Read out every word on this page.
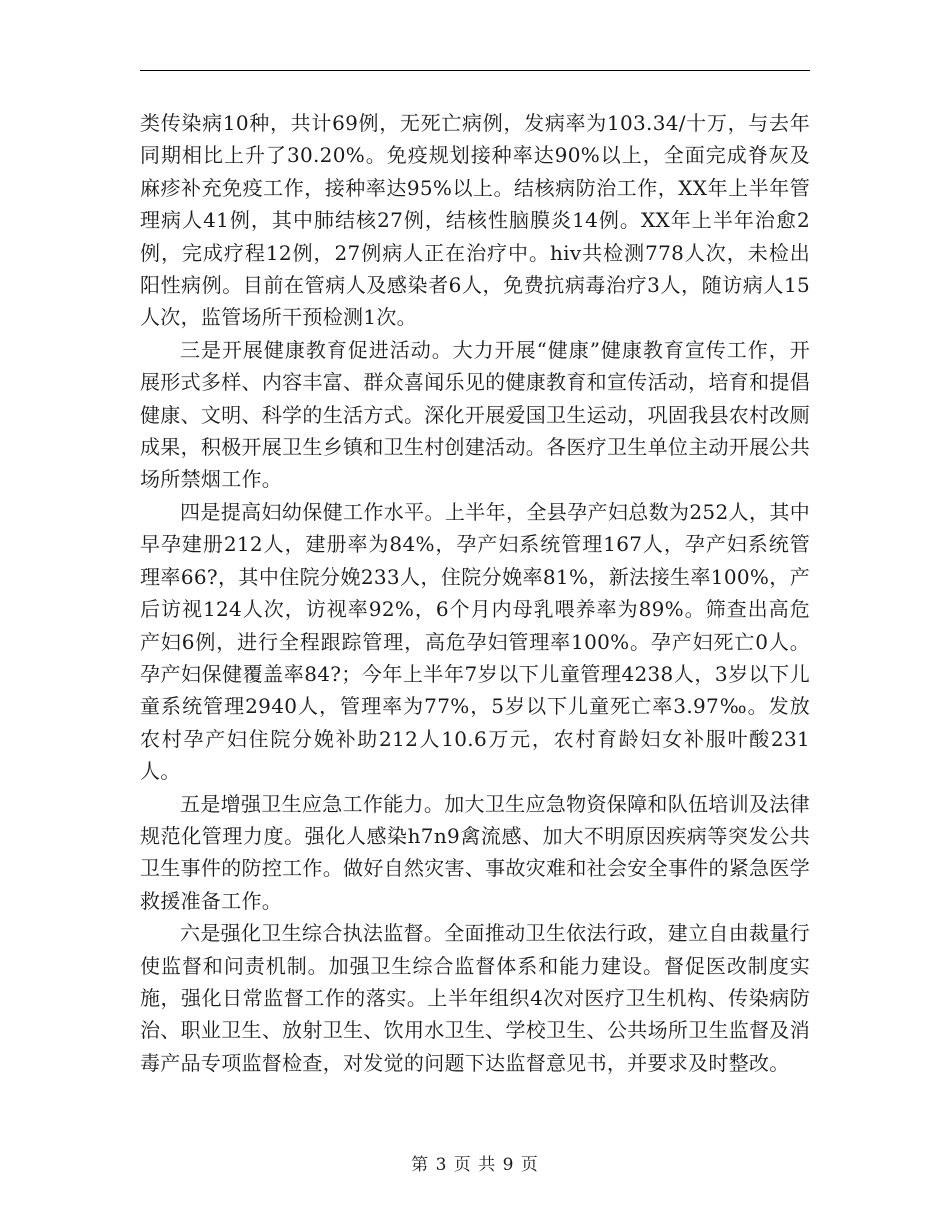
类传染病10种，共计69例，无死亡病例，发病率为103.34/十万，与去年同期相比上升了30.20%。免疫规划接种率达90%以上，全面完成脊灰及麻疹补充免疫工作，接种率达95%以上。结核病防治工作，XX年上半年管理病人41例，其中肺结核27例，结核性脑膜炎14例。XX年上半年治愈2例，完成疗程12例，27例病人正在治疗中。hiv共检测778人次，未检出阳性病例。目前在管病人及感染者6人，免费抗病毒治疗3人，随访病人15人次，监管场所干预检测1次。

三是开展健康教育促进活动。大力开展“健康”健康教育宣传工作，开展形式多样、内容丰富、群众喜闻乐见的健康教育和宣传活动，培育和提倡健康、文明、科学的生活方式。深化开展爱国卫生运动，巩固我县农村改厕成果，积极开展卫生乡镇和卫生村创建活动。各医疗卫生单位主动开展公共场所禁烟工作。

四是提高妇幼保健工作水平。上半年，全县孕产妇总数为252人，其中早孕建册212人，建册率为84%，孕产妇系统管理167人，孕产妇系统管理率66?，其中住院分娩233人，住院分娩率81%，新法接生率100%，产后访视124人次，访视率92%，6个月内母乳喂养率为89%。筛查出高危产妇6例，进行全程跟踪管理，高危孕妇管理率100%。孕产妇死亡0人。孕产妇保健覆盖率84?；今年上半年7岁以下儿童管理4238人，3岁以下儿童系统管理2940人，管理率为77%，5岁以下儿童死亡率3.97‰。发放农村孕产妇住院分娩补助212人10.6万元，农村育龄妇女补服叶酸231人。

五是增强卫生应急工作能力。加大卫生应急物资保障和队伍培训及法律规范化管理力度。强化人感染h7n9禽流感、加大不明原因疾病等突发公共卫生事件的防控工作。做好自然灾害、事故灾难和社会安全事件的紧急医学救援准备工作。

六是强化卫生综合执法监督。全面推动卫生依法行政，建立自由裁量行使监督和问责机制。加强卫生综合监督体系和能力建设。督促医改制度实施，强化日常监督工作的落实。上半年组织4次对医疗卫生机构、传染病防治、职业卫生、放射卫生、饮用水卫生、学校卫生、公共场所卫生监督及消毒产品专项监督检查，对发觉的问题下达监督意见书，并要求及时整改。

第 3 页 共 9 页
